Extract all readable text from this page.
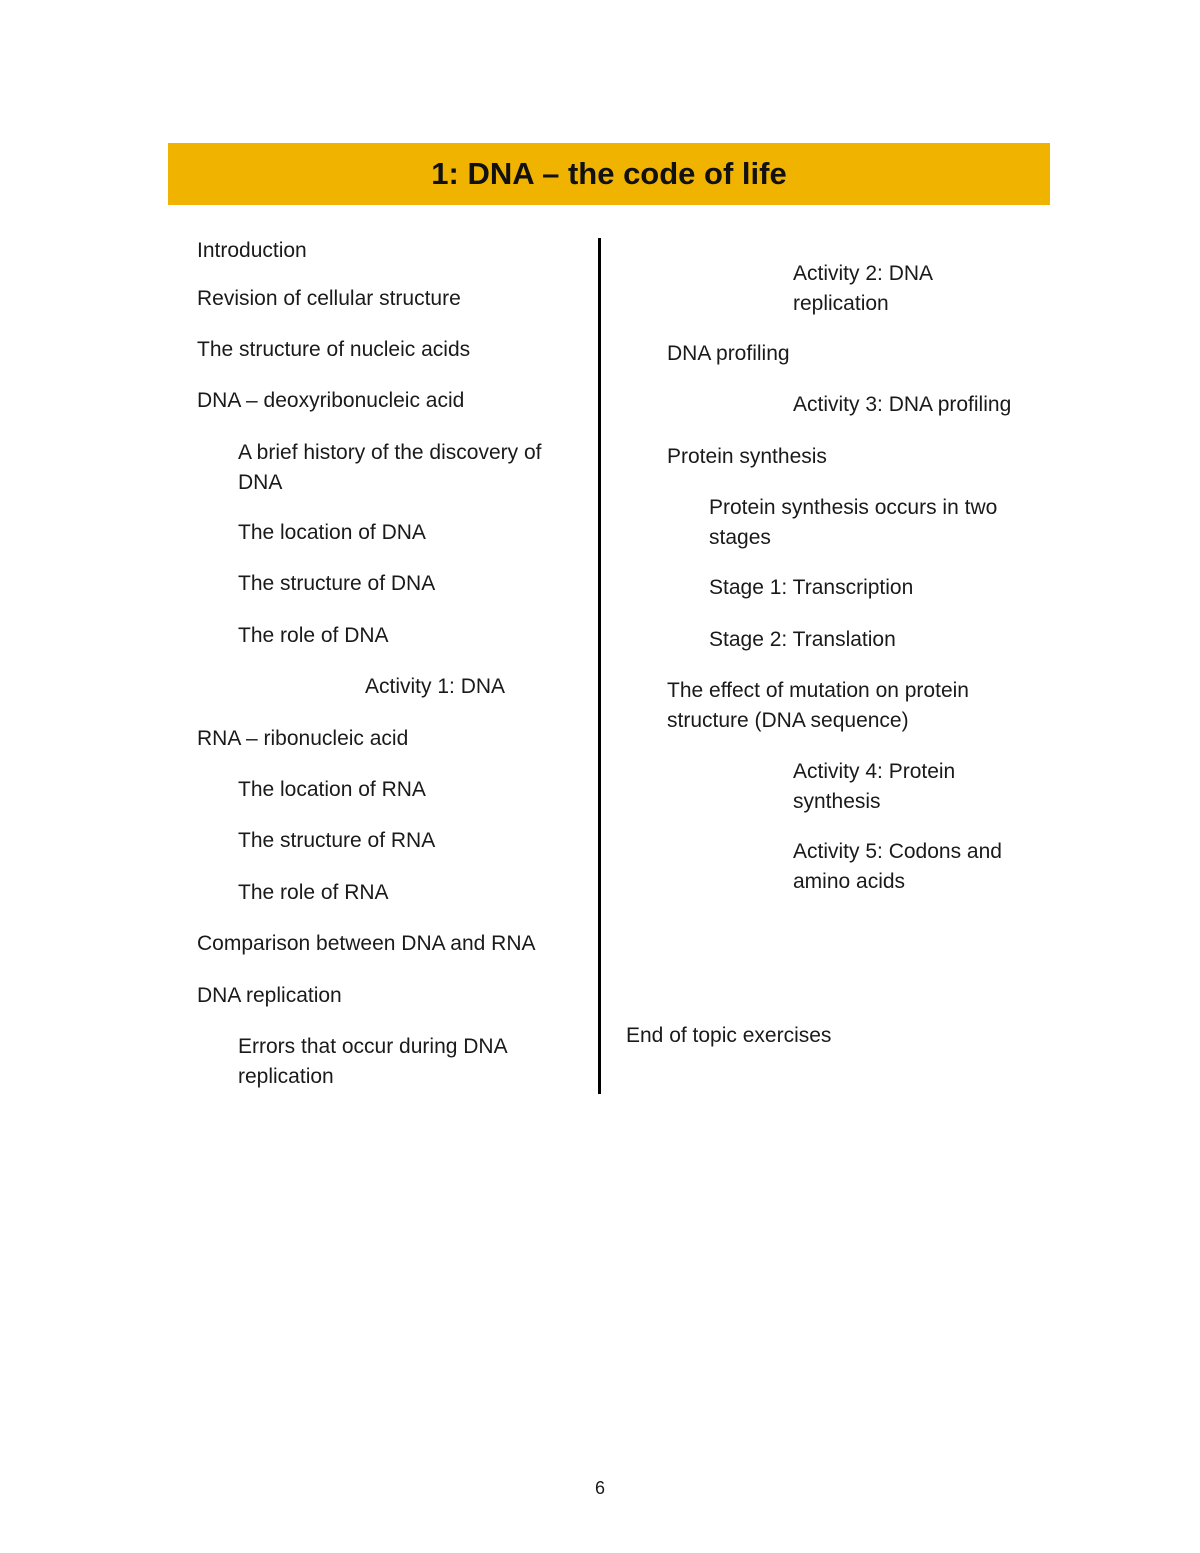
1: DNA – the code of life

Introduction

Revision of cellular structure

The structure of nucleic acids

DNA – deoxyribonucleic acid

A brief history of the discovery of DNA

The location of DNA

The structure of DNA

The role of DNA

Activity 1: DNA

RNA – ribonucleic acid

The location of RNA

The structure of RNA

The role of RNA

Comparison between DNA and RNA

DNA replication

Errors that occur during DNA replication

Activity 2: DNA replication

DNA profiling

Activity 3: DNA profiling

Protein synthesis

Protein synthesis occurs in two stages

Stage 1: Transcription

Stage 2: Translation

The effect of mutation on protein structure (DNA sequence)

Activity 4: Protein synthesis

Activity 5: Codons and amino acids

End of topic exercises

6
